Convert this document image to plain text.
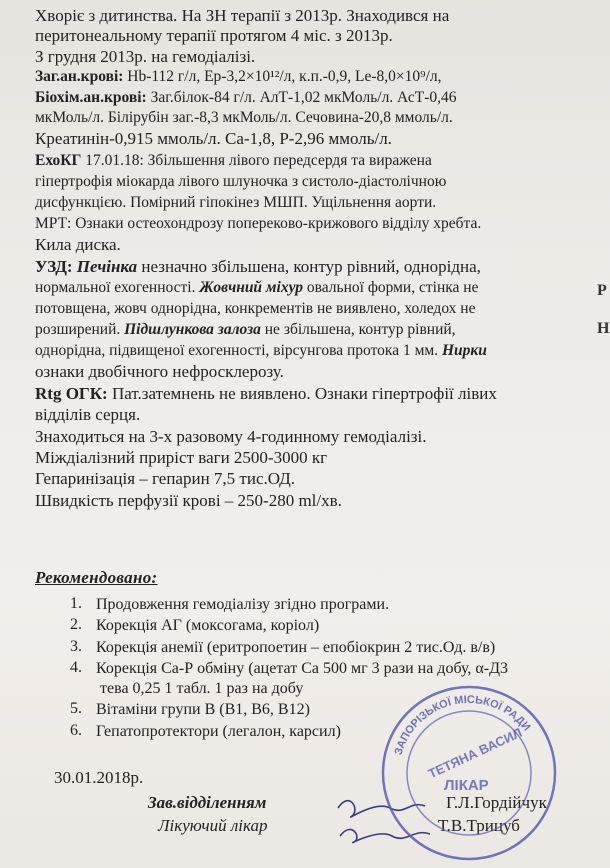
Хворіє з дитинства. На ЗН терапії з 2013р. Знаходився на
перитонеальному терапії протягом 4 міс. з 2013р.
З грудня 2013р. на гемодіалізі.
Заг.ан.крові: Hb-112 г/л, Ер-3,2×10¹²/л, к.п.-0,9, Lе-8,0×10⁹/л,
Біохім.ан.крові: Заг.білок-84 г/л. АлТ-1,02 мкМоль/л. АсТ-0,46
мкМоль/л. Білірубін заг.-8,3 мкМоль/л. Сечовина-20,8 ммоль/л.
Креатинін-0,915 ммоль/л. Са-1,8, Р-2,96 ммоль/л.
ЕхоКГ 17.01.18: Збільшення лівого передсердя та виражена
гіпертрофія міокарда лівого шлуночка з систоло-діастолічною
дисфункцією. Помірний гіпокінез МШП. Ущільнення аорти.
МРТ: Ознаки остеохондрозу попереково-крижового відділу хребта.
Кила диска.
УЗД: Печінка незначно збільшена, контур рівний, однорідна,
нормальної ехогенності. Жовчний міхур овальної форми, стінка не
потовщена, жовч однорідна, конкрементів не виявлено, холедох не
розширений. Підшлункова залоза не збільшена, контур рівний,
однорідна, підвищеної ехогенності, вірсунгова протока 1 мм. Нирки
ознаки двобічного нефросклерозу.
Rtg ОГК: Пат.затемнень не виявлено. Ознаки гіпертрофії лівих
відділів серця.
Знаходиться на 3-х разовому 4-годинному гемодіалізі.
Міждіалізний приріст ваги 2500-3000 кг
Гепаринізація – гепарин 7,5 тис.ОД.
Швидкість перфузії крові – 250-280 ml/хв.
Р
Н
Рекомендовано:
1. Продовження гемодіалізу згідно програми.
2. Корекція АГ (моксогама, коріол)
3. Корекція анемії (еритропоетин – епобіокрин 2 тис.Од. в/в)
4. Корекція Са-Р обміну (ацетат Са 500 мг 3 рази на добу, α-Д3
тева 0,25 1 табл. 1 раз на добу
5. Вітаміни групи В (В1, В6, В12)
6. Гепатопротектори (легалон, карсил)
30.01.2018р.
Зав.відділенням	Г.Л.Гордійчук
Лікуючий лікар	Т.В.Трицуб
ЗАПОРІЗЬКОЇ МІСЬКОЇ РАДИ
ТЕТЯНА ВАСИЛ
ЛІКАР
